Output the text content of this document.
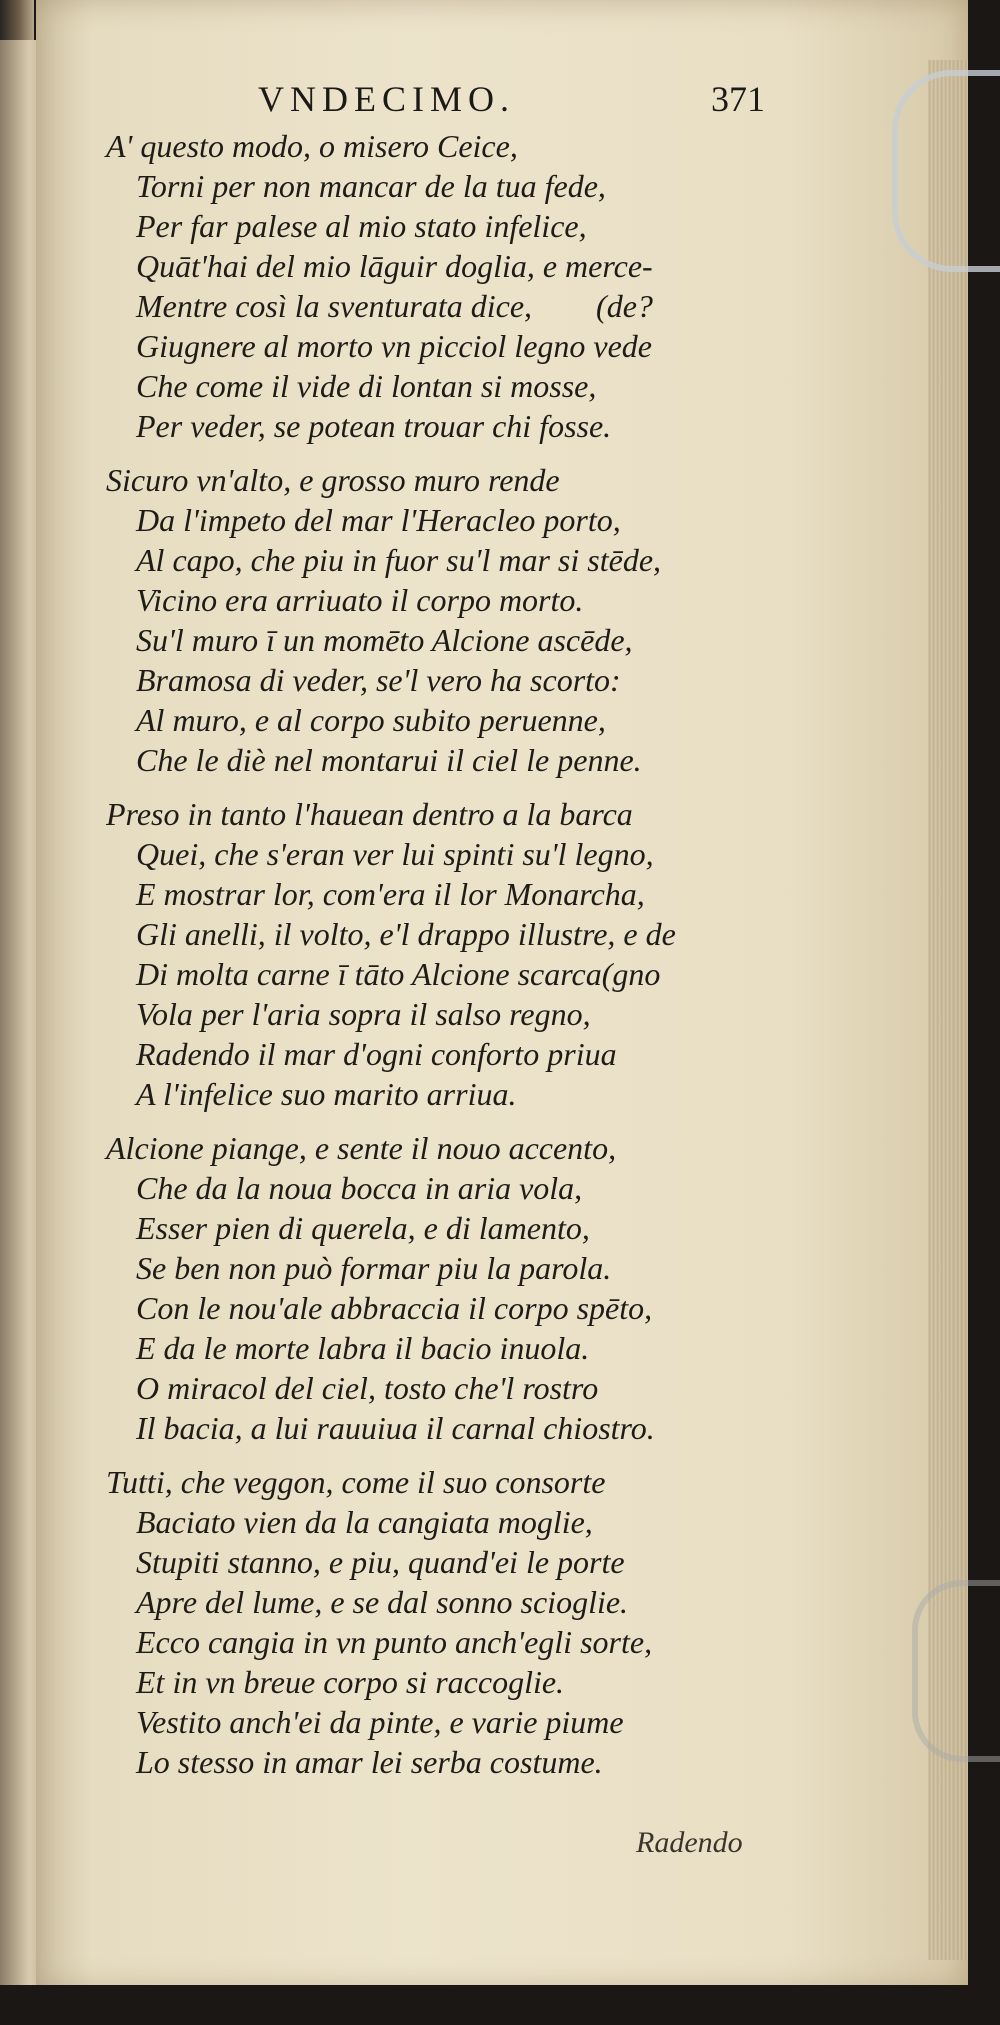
VNDECIMO.	371
A' questo modo, o misero Ceice,
Torni per non mancar de la tua fede,
Per far palese al mio stato infelice,
Quāt'hai del mio lāguir doglia, e merce-
Mentre così la sventurata dice,        (de?
Giugnere al morto vn picciol legno vede
Che come il vide di lontan si mosse,
Per veder, se potean trouar chi fosse.
Sicuro vn'alto, e grosso muro rende
Da l'impeto del mar l'Heracleo porto,
Al capo, che piu in fuor su'l mar si stēde,
Vicino era arriuato il corpo morto.
Su'l muro ī un momēto Alcione ascēde,
Bramosa di veder, se'l vero ha scorto:
Al muro, e al corpo subito peruenne,
Che le diè nel montarui il ciel le penne.
Preso in tanto l'hauean dentro a la barca
Quei, che s'eran ver lui spinti su'l legno,
E mostrar lor, com'era il lor Monarcha,
Gli anelli, il volto, e'l drappo illustre, e de
Di molta carne ī tāto Alcione scarca(gno
Vola per l'aria sopra il salso regno,
Radendo il mar d'ogni conforto priua
A l'infelice suo marito arriua.
Alcione piange, e sente il nouo accento,
Che da la noua bocca in aria vola,
Esser pien di querela, e di lamento,
Se ben non può formar piu la parola.
Con le nou'ale abbraccia il corpo spēto,
E da le morte labra il bacio inuola.
O miracol del ciel, tosto che'l rostro
Il bacia, a lui rauuiua il carnal chiostro.
Tutti, che veggon, come il suo consorte
Baciato vien da la cangiata moglie,
Stupiti stanno, e piu, quand'ei le porte
Apre del lume, e se dal sonno scioglie.
Ecco cangia in vn punto anch'egli sorte,
Et in vn breue corpo si raccoglie.
Vestito anch'ei da pinte, e varie piume
Lo stesso in amar lei serba costume.
Radendo
